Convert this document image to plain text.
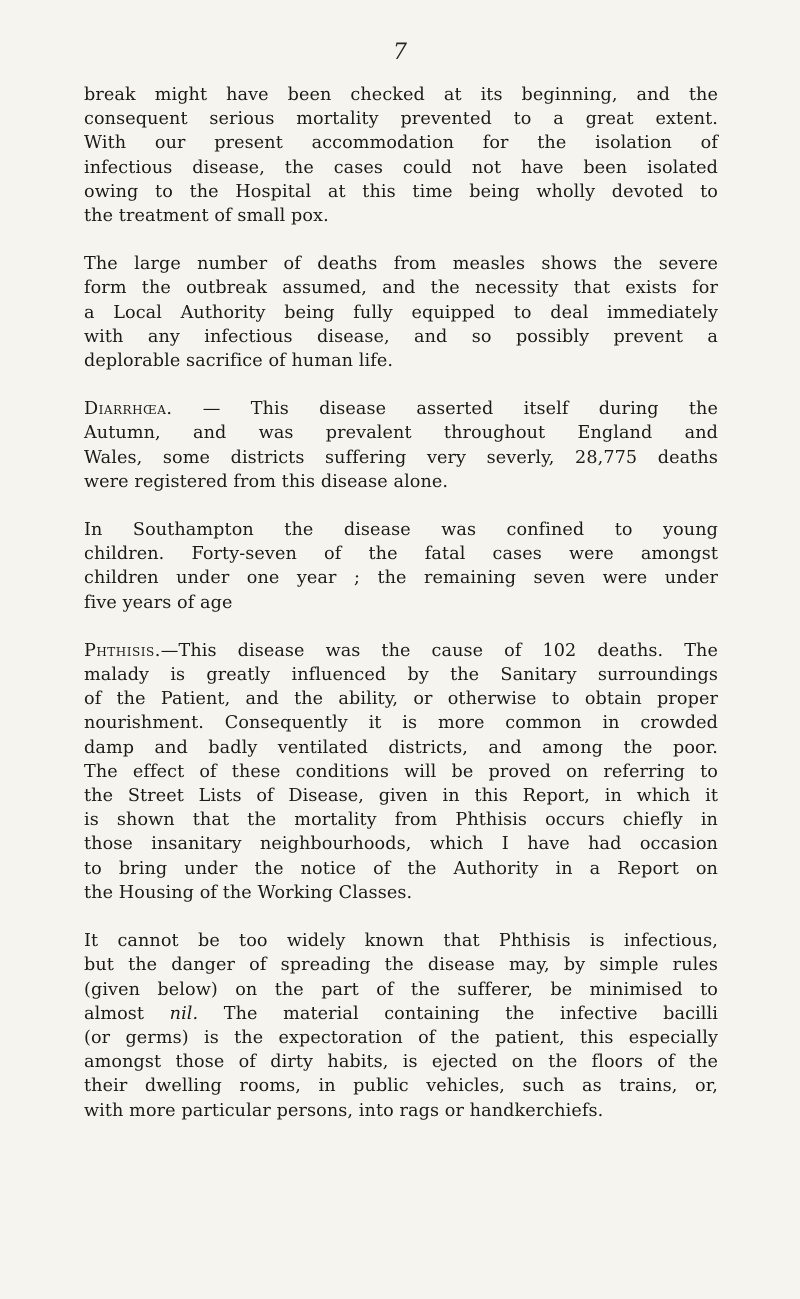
7

break might have been checked at its beginning, and the
consequent serious mortality prevented to a great extent.
With our present accommodation for the isolation of
infectious disease, the cases could not have been isolated
owing to the Hospital at this time being wholly devoted to
the treatment of small pox.

The large number of deaths from measles shows the severe
form the outbreak assumed, and the necessity that exists for
a Local Authority being fully equipped to deal immediately
with any infectious disease, and so possibly prevent a
deplorable sacrifice of human life.

Diarrhœa. — This disease asserted itself during the
Autumn, and was prevalent throughout England and
Wales, some districts suffering very severly, 28,775 deaths
were registered from this disease alone.

In Southampton the disease was confined to young
children. Forty-seven of the fatal cases were amongst
children under one year ; the remaining seven were under
five years of age

Phthisis.—This disease was the cause of 102 deaths. The
malady is greatly influenced by the Sanitary surroundings
of the Patient, and the ability, or otherwise to obtain proper
nourishment. Consequently it is more common in crowded
damp and badly ventilated districts, and among the poor.
The effect of these conditions will be proved on referring to
the Street Lists of Disease, given in this Report, in which it
is shown that the mortality from Phthisis occurs chiefly in
those insanitary neighbourhoods, which I have had occasion
to bring under the notice of the Authority in a Report on
the Housing of the Working Classes.

It cannot be too widely known that Phthisis is infectious,
but the danger of spreading the disease may, by simple rules
(given below) on the part of the sufferer, be minimised to
almost nil. The material containing the infective bacilli
(or germs) is the expectoration of the patient, this especially
amongst those of dirty habits, is ejected on the floors of the
their dwelling rooms, in public vehicles, such as trains, or,
with more particular persons, into rags or handkerchiefs.
